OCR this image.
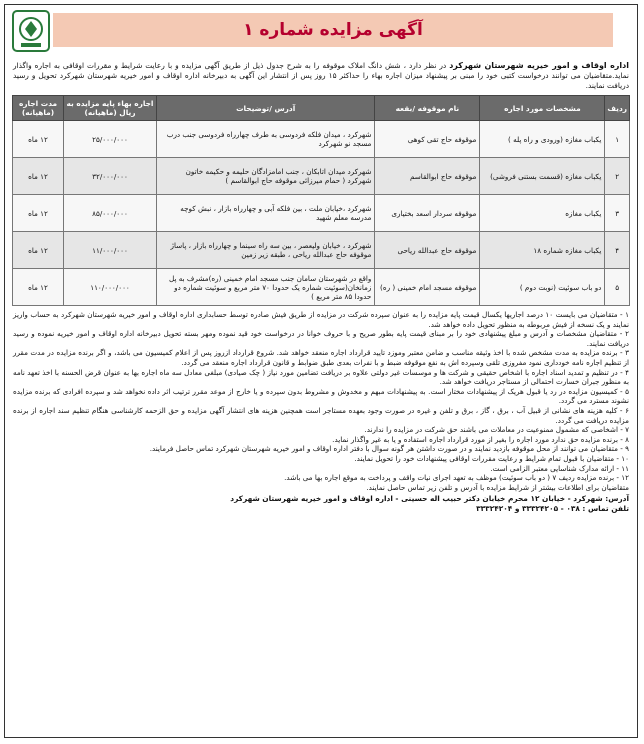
آگهی مزایده شماره ۱
اداره اوقاف و امور خیریه شهرستان شهرکرد در نظر دارد ، شش دانگ املاک موقوفه را به شرح جدول ذیل از طریق آگهی مزایده و با رعایت شرایط و مقررات اوقافی به اجاره واگذار نماید.متقاضیان می توانند درخواست کتبی خود را مبنی بر پیشنهاد میزان اجاره بهاء را حداکثر ۱۵ روز پس از انتشار این آگهی به دبیرخانه اداره اوقاف و امور خیریه شهرستان شهرکرد تحویل و رسید دریافت نمایند.
ردیف	مشخصات مورد اجاره	نام موقوفه /بقعه	آدرس /توضیحات	اجاره بهاء پایه مزایده به ریال (ماهیانه)	مدت اجاره (ماهیانه)
۱	یکباب مغازه (ورودی و راه پله )	موقوفه حاج تقی کوهی	شهرکرد ، میدان فلکه فردوسی به طرف چهارراه فردوسی جنب درب مسجد نو شهرکرد	۲۵/۰۰۰/۰۰۰	۱۲ ماه
۲	یکباب مغازه (قسمت بستنی فروشی)	موقوفه حاج ابوالقاسم	شهرکرد میدان اتابکان ، جنب امامزادگان حلیمه و حکیمه خاتون شهرکرد ( حمام میرزائی موقوفه حاج ابوالقاسم )	۳۲/۰۰۰/۰۰۰	۱۲ ماه
۳	یکباب مغازه	موقوفه سردار اسعد بختیاری	شهرکرد ،خیابان ملت ، بین فلکه آبی و چهارراه بازار ، نبش کوچه مدرسه معلم شهید	۸۵/۰۰۰/۰۰۰	۱۲ ماه
۴	یکباب مغازه شماره ۱۸	موقوفه حاج عبدالله ریاحی	شهرکرد ، خیابان ولیعصر ، بین سه راه سینما و چهارراه بازار ، پاساژ موقوفه حاج عبدالله ریاحی ، طبقه زیر زمین	۱۱/۰۰۰/۰۰۰	۱۲ ماه
۵	دو باب سوئیت (نوبت دوم )	موقوفه مسجد امام خمینی ( ره)	واقع در شهرستان سامان جنب مسجد امام خمینی (ره)مشرف به پل زمانخان(سوئیت شماره یک حدودا ۷۰ متر مربع و سوئیت شماره دو حدودا ۸۵ متر مربع )	۱۱۰/۰۰۰/۰۰۰	۱۲ ماه

۱ - متقاضیان می بایست ۱۰ درصد اجاریها یکسال قیمت پایه مزایده را به عنوان سپرده شرکت در مزایده از طریق فیش صادره توسط حسابداری اداره اوقاف و امور خیریه شهرستان شهرکرد به حساب واریز نمایند و یک نسخه از فیش مربوطه به منظور تحویل داده خواهد شد.

۲ - متقاضیان مشخصات و آدرس و مبلغ پیشنهادی خود را بر مبنای قیمت پایه بطور صریح و با حروف خوانا در درخواست خود قید نموده ومهر بسته تحویل دبیرخانه اداره اوقاف و امور خیریه نموده و رسید دریافت نمایند.

۳ - برنده مزایده به مدت مشخص شده با اخذ وثیقه مناسب و ضامن معتبر وموزد تایید قرارداد اجاره منعقد خواهد شد. شروع قرارداد ازروز پس از اعلام کمیسیون می باشد، و اگر برنده مزایده در مدت مقرر از تنظیم اجاره نامه خودداری نمود مفروزی تلقی وسپرده اش به نفع موقوفه ضبط و با نفرات بعدی طبق ضوابط و قانون قرارداد اجاره منعقد می گردد.

۴ - در تنظیم و تمدید اسناد اجاره با اشخاص حقیقی و شرکت ها و موسسات غیر دولتی علاوه بر دریافت تضامین مورد نیاز ( چک صیادی) مبلغی معادل سه ماه اجاره بها به عنوان قرض الحسنه با اخذ تعهد نامه به منظور جبران خسارت احتمالی از مستاجر دریافت خواهد شد.

۵ - کمیسیون مزایده در رد یا قبول هریک از پیشنهادات مختار است. به پیشنهادات مبهم و مخدوش و مشروط بدون سپرده و یا خارج از موعد مقرر ترتیب اثر داده نخواهد شد و سپرده افرادی که برنده مزایده نشوند مسترد می گردد.

۶ - کلیه هزینه های نشانی از قبیل آب ، برق ، گاز ، برق و تلفن و غیره در صورت وجود بعهده مستاجر است همچنین هزینه های انتشار آگهی مزایده و حق الزحمه کارشناسی هنگام تنظیم سند اجاره از برنده مزایده دریافت می گردد.

۷ - اشخاصی که مشمول ممنوعیت در معاملات می باشند حق شرکت در مزایده را ندارند.

۸ - برنده مزایده حق ندارد مورد اجاره را بغیر از مورد قرارداد اجاره استفاده و یا به غیر واگذار نماید.

۹ - متقاضیان می توانند از محل موقوفه بازدید نمایند و در صورت داشتن هر گونه سوال با دفتر اداره اوقاف و امور خیریه شهرستان شهرکرد تماس حاصل فرمایند.

۱۰ - متقاضیان با قبول تمام شرایط و رعایت مقررات اوقافی پیشنهادات خود را تحویل نمایند.

۱۱ - ارائه مدارک شناسایی معتبر الزامی است.

۱۲ - برنده مزایده ردیف ۷ ( دو باب سوئیت) موظف به تعهد اجرای نیات واقف و پرداخت به موقع اجاره بها می باشد.

متقاضیان برای اطلاعات بیشتر از شرایط مزایده با آدرس و تلفن زیر تماس حاصل نمایند.

آدرس: شهرکرد - خیابان ۱۲ محرم خیابان دکتر حبیب اله حسینی - اداره اوقاف و امور خیریه شهرستان شهرکرد
تلفن تماس : ۰۳۸ - ۳۳۳۲۴۲۰۵ و ۳۳۳۲۴۲۰۴
